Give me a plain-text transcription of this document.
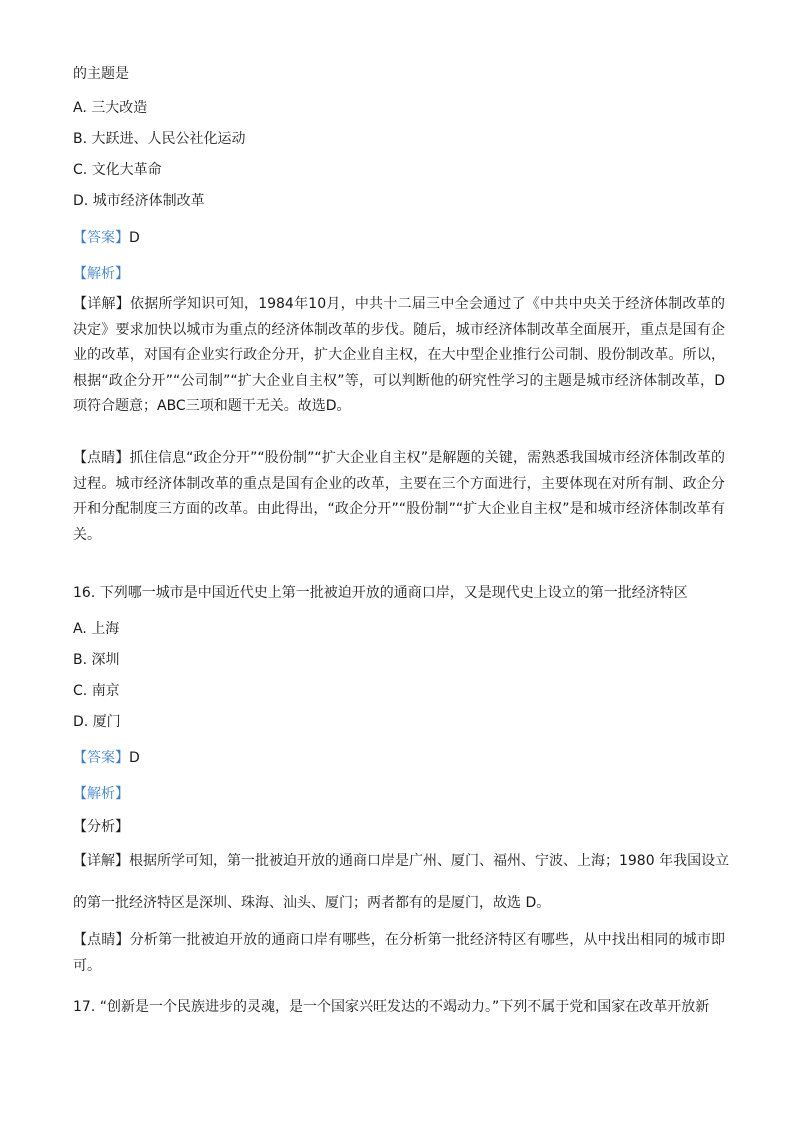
的主题是
A. 三大改造
B. 大跃进、人民公社化运动
C. 文化大革命
D. 城市经济体制改革
【答案】D
【解析】
【详解】依据所学知识可知，1984年10月，中共十二届三中全会通过了《中共中央关于经济体制改革的决定》要求加快以城市为重点的经济体制改革的步伐。随后，城市经济体制改革全面展开，重点是国有企业的改革，对国有企业实行政企分开，扩大企业自主权，在大中型企业推行公司制、股份制改革。所以，根据“政企分开”“公司制”“扩大企业自主权”等，可以判断他的研究性学习的主题是城市经济体制改革，D项符合题意；ABC三项和题干无关。故选D。
【点睛】抓住信息“政企分开”“股份制”“扩大企业自主权”是解题的关键，需熟悉我国城市经济体制改革的过程。城市经济体制改革的重点是国有企业的改革，主要在三个方面进行，主要体现在对所有制、政企分开和分配制度三方面的改革。由此得出，“政企分开”“股份制”“扩大企业自主权”是和城市经济体制改革有关。
16. 下列哪一城市是中国近代史上第一批被迫开放的通商口岸，又是现代史上设立的第一批经济特区
A. 上海
B. 深圳
C. 南京
D. 厦门
【答案】D
【解析】
【分析】
【详解】根据所学可知，第一批被迫开放的通商口岸是广州、厦门、福州、宁波、上海；1980 年我国设立
的第一批经济特区是深圳、珠海、汕头、厦门；两者都有的是厦门，故选 D。
【点睛】分析第一批被迫开放的通商口岸有哪些，在分析第一批经济特区有哪些，从中找出相同的城市即可。
17. “创新是一个民族进步的灵魂，是一个国家兴旺发达的不竭动力。”下列不属于党和国家在改革开放新
